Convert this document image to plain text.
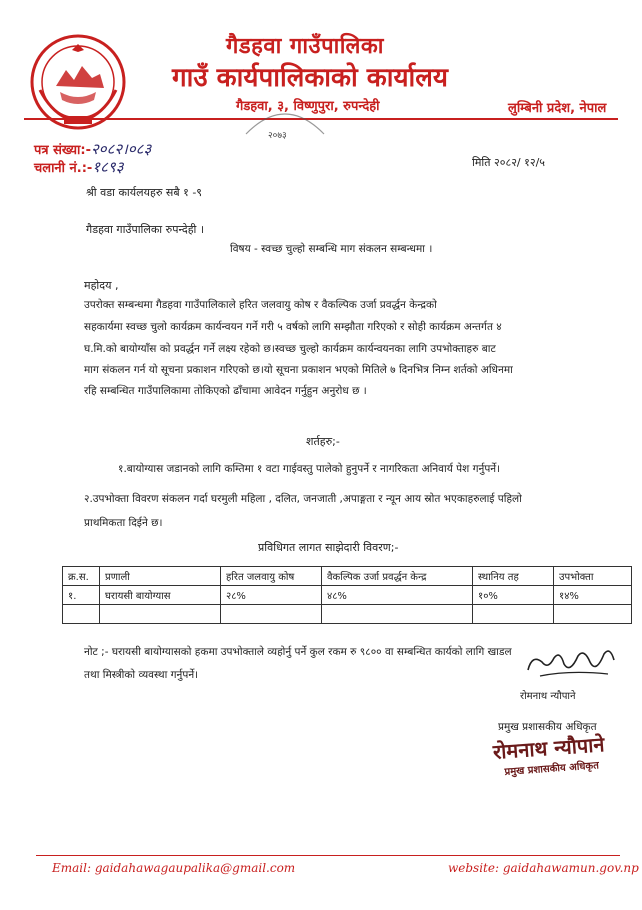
गैडहवा गाउँपालिका
गाउँ कार्यपालिकाको कार्यालय
गैडहवा, ३, विष्णुपुरा, रुपन्देही	लुम्बिनी प्रदेश, नेपाल
२०७३
पत्र संख्या:-२०८२।०८३
चलानी नं.:-१८९३	मिति २०८२/ १२/५
श्री वडा कार्यलयहरु सबै १ -९
गैडहवा गाउँपालिका रुपन्देही ।
विषय - स्वच्छ चुल्हो सम्बन्धि माग संकलन सम्बन्धमा ।
महोदय ,
उपरोक्त सम्बन्धमा गैडहवा गाउँपालिकाले हरित जलवायु कोष र वैकल्पिक उर्जा प्रवर्द्धन केन्द्रको
सहकार्यमा स्वच्छ चुलो कार्यक्रम कार्यन्वयन गर्ने गरी ५ वर्षको लागि सम्झौता गरिएको र सोही कार्यक्रम अन्तर्गत ४
घ.मि.को बायोग्याँस को प्रवर्द्धन गर्ने लक्ष्य रहेको छ।स्वच्छ चुल्हो कार्यक्रम कार्यन्वयनका लागि उपभोक्ताहरु बाट
माग संकलन गर्न यो सूचना प्रकाशन गरिएको छ।यो सूचना प्रकाशन भएको मितिले ७ दिनभित्र निम्न शर्तको अधिनमा
रहि सम्बन्धित गाउँपालिकामा तोकिएको ढाँचामा आवेदन गर्नुहुन अनुरोध छ ।
शर्तहरु;-
१.बायोग्यास जडानको लागि कम्तिमा १ वटा गाईवस्तु पालेको हुनुपर्ने र नागरिकता अनिवार्य पेश गर्नुपर्ने।
२.उपभोक्ता विवरण संकलन गर्दा घरमुली महिला , दलित, जनजाती ,अपाङ्गता र न्यून आय स्रोत भएकाहरुलाई पहिलो
प्राथमिकता दिईने छ।
प्रविधिगत लागत साझेदारी विवरण;-
क्र.स.	प्रणाली	हरित जलवायु कोष	वैकल्पिक उर्जा प्रवर्द्धन केन्द्र	स्थानिय तह	उपभोक्ता
१.	घरायसी बायोग्यास	२८%	४८%	१०%	१४%

नोट ;- घरायसी बायोग्यासको हकमा उपभोक्ताले व्यहोर्नु पर्ने कुल रकम रु ९८०० वा सम्बन्धित कार्यको लागि खाडल
तथा मिस्त्रीको व्यवस्था गर्नुपर्ने।
रोमनाथ न्यौपाने
प्रमुख प्रशासकीय अधिकृत
रोमनाथ न्यौपाने
प्रमुख प्रशासकीय अधिकृत
Email: gaidahawagaupalika@gmail.com	website: gaidahawamun.gov.np
